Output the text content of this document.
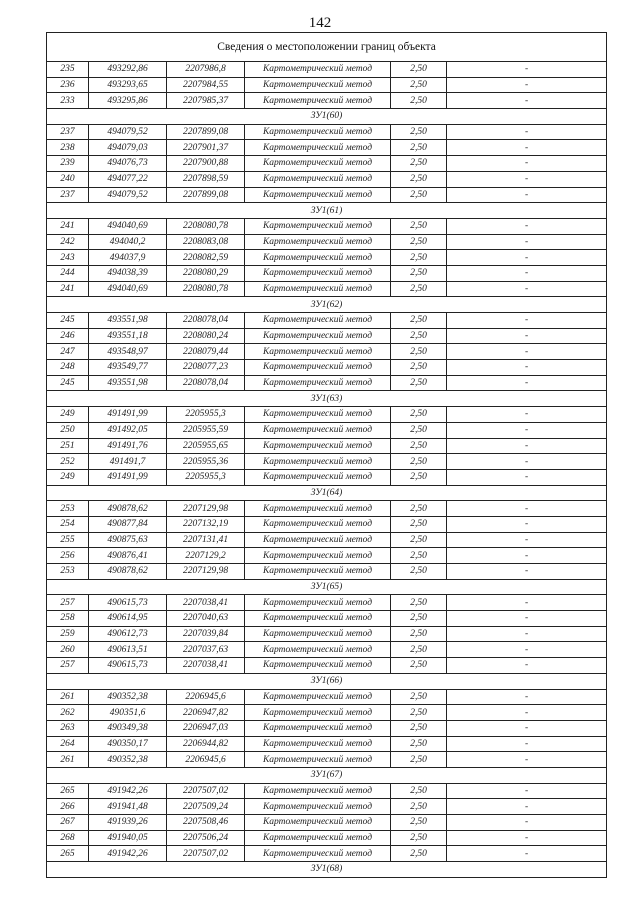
142
Сведения о местоположении границ объекта					
235	493292,86	2207986,8	Картометрический метод	2,50	-
236	493293,65	2207984,55	Картометрический метод	2,50	-
233	493295,86	2207985,37	Картометрический метод	2,50	-
ЗУ1(60)					
237	494079,52	2207899,08	Картометрический метод	2,50	-
238	494079,03	2207901,37	Картометрический метод	2,50	-
239	494076,73	2207900,88	Картометрический метод	2,50	-
240	494077,22	2207898,59	Картометрический метод	2,50	-
237	494079,52	2207899,08	Картометрический метод	2,50	-
ЗУ1(61)					
241	494040,69	2208080,78	Картометрический метод	2,50	-
242	494040,2	2208083,08	Картометрический метод	2,50	-
243	494037,9	2208082,59	Картометрический метод	2,50	-
244	494038,39	2208080,29	Картометрический метод	2,50	-
241	494040,69	2208080,78	Картометрический метод	2,50	-
ЗУ1(62)					
245	493551,98	2208078,04	Картометрический метод	2,50	-
246	493551,18	2208080,24	Картометрический метод	2,50	-
247	493548,97	2208079,44	Картометрический метод	2,50	-
248	493549,77	2208077,23	Картометрический метод	2,50	-
245	493551,98	2208078,04	Картометрический метод	2,50	-
ЗУ1(63)					
249	491491,99	2205955,3	Картометрический метод	2,50	-
250	491492,05	2205955,59	Картометрический метод	2,50	-
251	491491,76	2205955,65	Картометрический метод	2,50	-
252	491491,7	2205955,36	Картометрический метод	2,50	-
249	491491,99	2205955,3	Картометрический метод	2,50	-
ЗУ1(64)					
253	490878,62	2207129,98	Картометрический метод	2,50	-
254	490877,84	2207132,19	Картометрический метод	2,50	-
255	490875,63	2207131,41	Картометрический метод	2,50	-
256	490876,41	2207129,2	Картометрический метод	2,50	-
253	490878,62	2207129,98	Картометрический метод	2,50	-
ЗУ1(65)					
257	490615,73	2207038,41	Картометрический метод	2,50	-
258	490614,95	2207040,63	Картометрический метод	2,50	-
259	490612,73	2207039,84	Картометрический метод	2,50	-
260	490613,51	2207037,63	Картометрический метод	2,50	-
257	490615,73	2207038,41	Картометрический метод	2,50	-
ЗУ1(66)					
261	490352,38	2206945,6	Картометрический метод	2,50	-
262	490351,6	2206947,82	Картометрический метод	2,50	-
263	490349,38	2206947,03	Картометрический метод	2,50	-
264	490350,17	2206944,82	Картометрический метод	2,50	-
261	490352,38	2206945,6	Картометрический метод	2,50	-
ЗУ1(67)					
265	491942,26	2207507,02	Картометрический метод	2,50	-
266	491941,48	2207509,24	Картометрический метод	2,50	-
267	491939,26	2207508,46	Картометрический метод	2,50	-
268	491940,05	2207506,24	Картометрический метод	2,50	-
265	491942,26	2207507,02	Картометрический метод	2,50	-
ЗУ1(68)					
